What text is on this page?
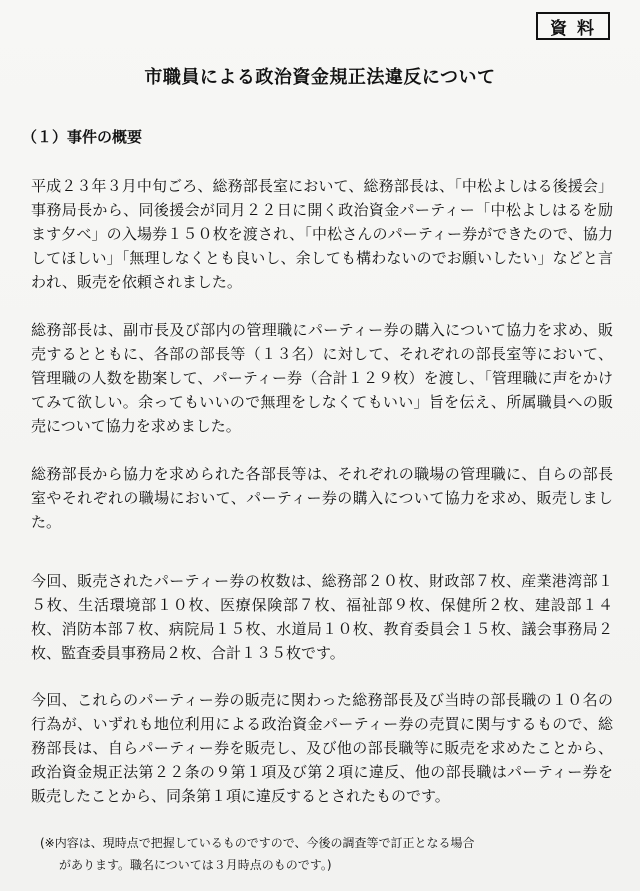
資料
市職員による政治資金規正法違反について
（１）事件の概要
平成２３年３月中旬ごろ、総務部長室において、総務部長は、「中松よしはる後援会」事務局長から、同後援会が同月２２日に開く政治資金パーティー「中松よしはるを励ます夕べ」の入場券１５０枚を渡され、「中松さんのパーティー券ができたので、協力してほしい」「無理しなくとも良いし、余しても構わないのでお願いしたい」などと言われ、販売を依頼されました。
総務部長は、副市長及び部内の管理職にパーティー券の購入について協力を求め、販売するとともに、各部の部長等（１３名）に対して、それぞれの部長室等において、管理職の人数を勘案して、パーティー券（合計１２９枚）を渡し、「管理職に声をかけてみて欲しい。余ってもいいので無理をしなくてもいい」旨を伝え、所属職員への販売について協力を求めました。
総務部長から協力を求められた各部長等は、それぞれの職場の管理職に、自らの部長室やそれぞれの職場において、パーティー券の購入について協力を求め、販売しました。
今回、販売されたパーティー券の枚数は、総務部２０枚、財政部７枚、産業港湾部１５枚、生活環境部１０枚、医療保険部７枚、福祉部９枚、保健所２枚、建設部１４枚、消防本部７枚、病院局１５枚、水道局１０枚、教育委員会１５枚、議会事務局２枚、監査委員事務局２枚、合計１３５枚です。
今回、これらのパーティー券の販売に関わった総務部長及び当時の部長職の１０名の行為が、いずれも地位利用による政治資金パーティー券の売買に関与するもので、総務部長は、自らパーティー券を販売し、及び他の部長職等に販売を求めたことから、政治資金規正法第２２条の９第１項及び第２項に違反、他の部長職はパーティー券を販売したことから、同条第１項に違反するとされたものです。
(※内容は、現時点で把握しているものですので、今後の調査等で訂正となる場合
があります。職名については３月時点のものです。)
